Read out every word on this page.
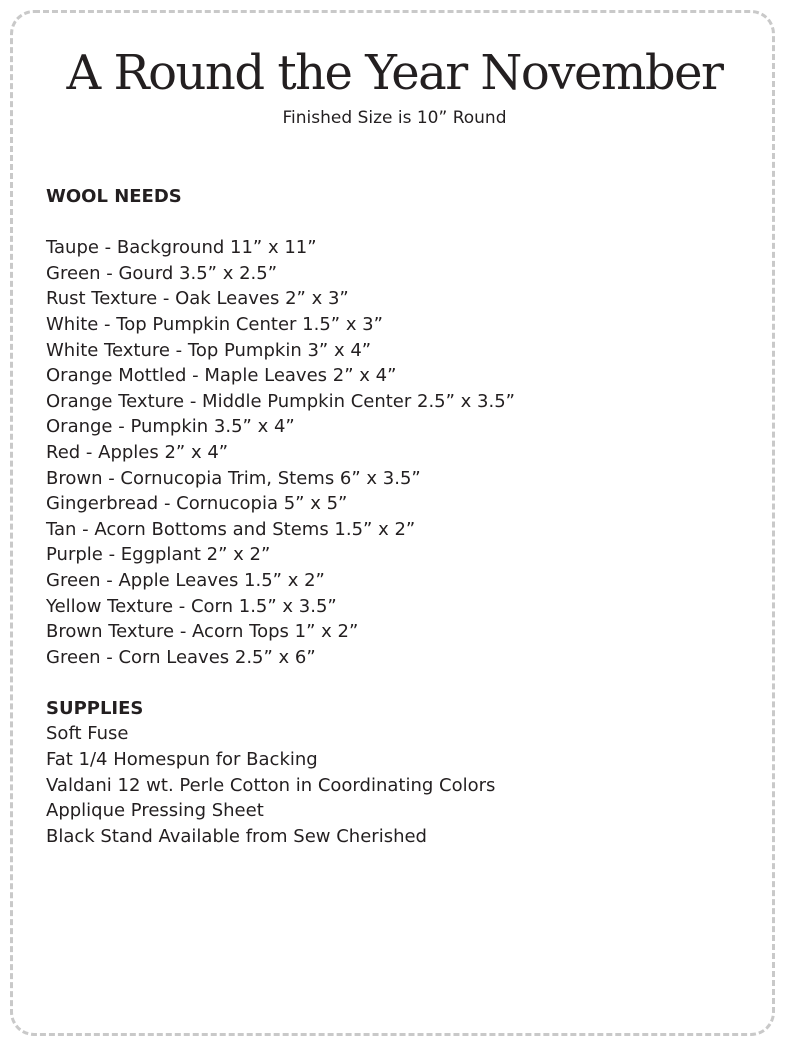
A Round the Year November
Finished Size is 10” Round
WOOL NEEDS
Taupe - Background 11” x 11”
Green - Gourd 3.5” x 2.5”
Rust Texture - Oak Leaves 2” x 3”
White - Top Pumpkin Center 1.5” x 3”
White Texture - Top Pumpkin 3” x 4”
Orange Mottled - Maple Leaves 2” x 4”
Orange Texture - Middle Pumpkin Center 2.5” x 3.5”
Orange - Pumpkin 3.5” x 4”
Red - Apples 2” x 4”
Brown - Cornucopia Trim, Stems 6” x 3.5”
Gingerbread - Cornucopia 5” x 5”
Tan - Acorn Bottoms and Stems 1.5” x 2”
Purple - Eggplant 2” x 2”
Green - Apple Leaves 1.5” x 2”
Yellow Texture - Corn 1.5” x 3.5”
Brown Texture - Acorn Tops 1” x 2”
Green - Corn Leaves 2.5” x 6”
SUPPLIES
Soft Fuse
Fat 1/4 Homespun for Backing
Valdani 12 wt. Perle Cotton in Coordinating Colors
Applique Pressing Sheet
Black Stand Available from Sew Cherished
